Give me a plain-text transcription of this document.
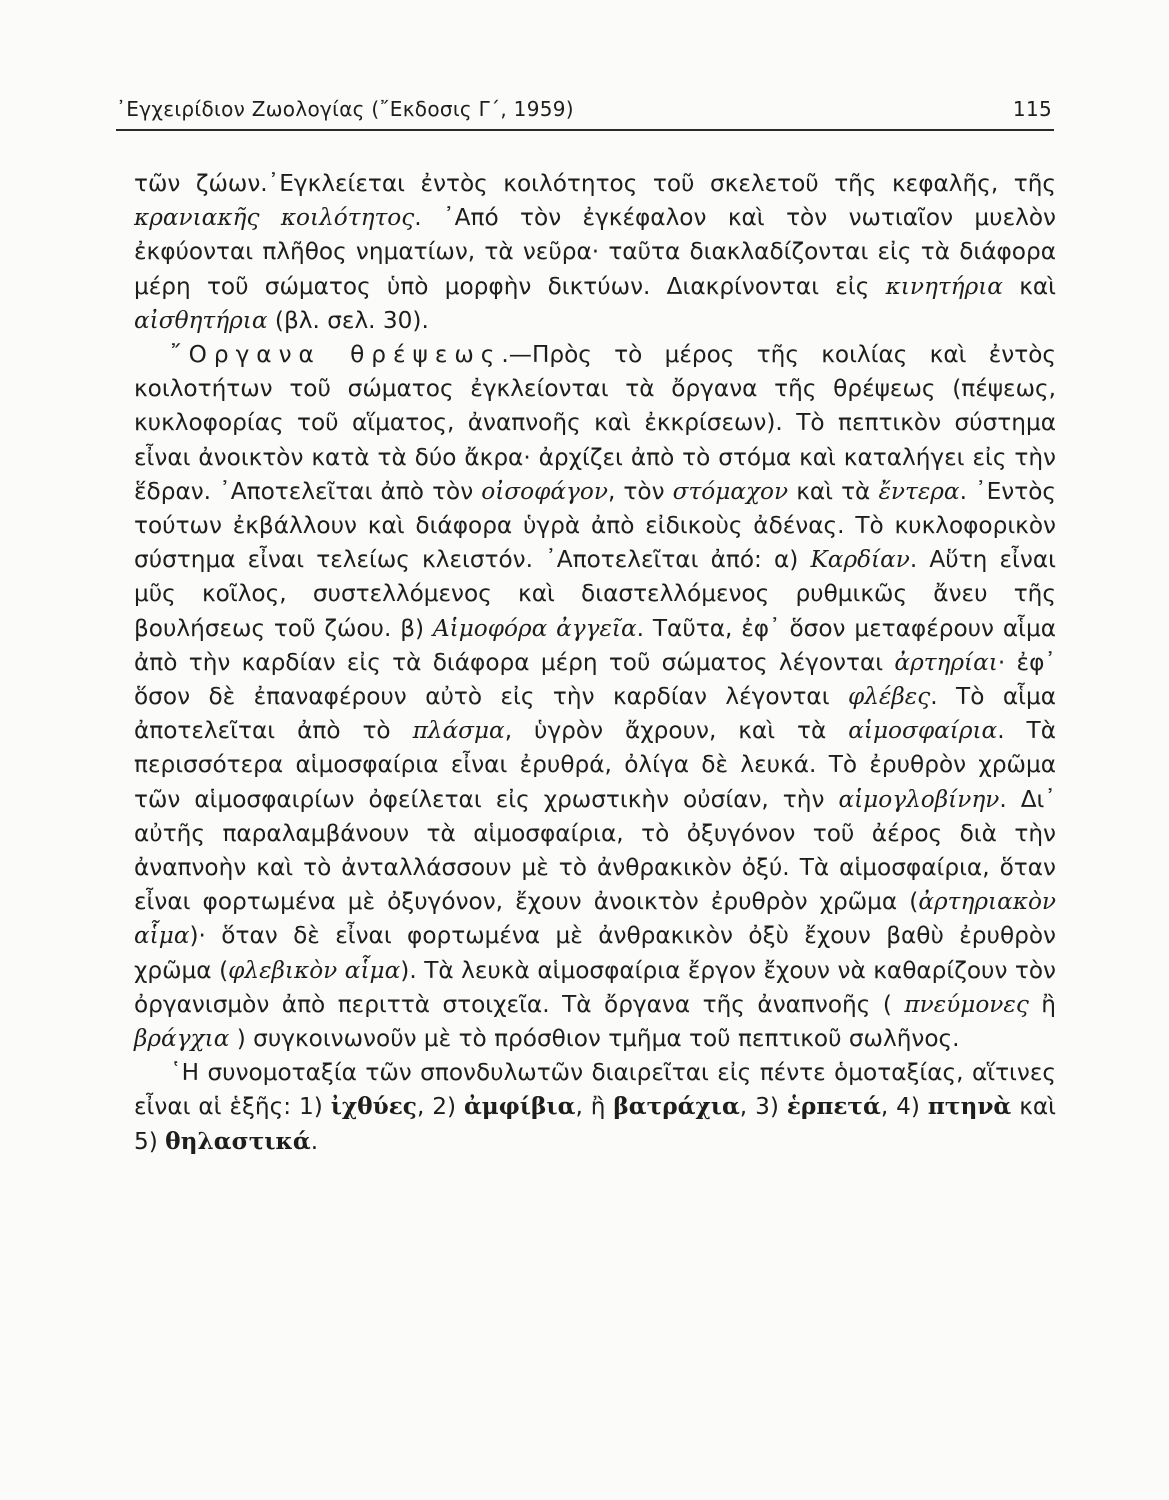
᾿Εγχειρίδιον Ζωολογίας (῎Εκδοσις Γ΄, 1959)	115

τῶν ζώων.᾿Εγκλείεται ἐντὸς κοιλότητος τοῦ σκελετοῦ τῆς κεφαλῆς, τῆς κρανιακῆς κοιλότητος. ᾿Από τὸν ἐγκέφαλον καὶ τὸν νωτιαῖον μυελὸν ἐκφύονται πλῆθος νηματίων, τὰ νεῦρα· ταῦτα διακλαδίζονται εἰς τὰ διάφορα μέρη τοῦ σώματος ὑπὸ μορφὴν δικτύων. Διακρίνονται εἰς κινητήρια καὶ αἰσθητήρια (βλ. σελ. 30).

῎Οργανα θρέψεως.—Πρὸς τὸ μέρος τῆς κοιλίας καὶ ἐντὸς κοιλοτήτων τοῦ σώματος ἐγκλείονται τὰ ὄργανα τῆς θρέψεως (πέψεως, κυκλοφορίας τοῦ αἵματος, ἀναπνοῆς καὶ ἐκκρίσεων). Τὸ πεπτικὸν σύστημα εἶναι ἀνοικτὸν κατὰ τὰ δύο ἄκρα· ἀρχίζει ἀπὸ τὸ στόμα καὶ καταλήγει εἰς τὴν ἕδραν. ᾿Αποτελεῖται ἀπὸ τὸν οἰσοφάγον, τὸν στόμαχον καὶ τὰ ἔντερα. ᾿Εντὸς τούτων ἐκβάλλουν καὶ διάφορα ὑγρὰ ἀπὸ εἰδικοὺς ἀδένας. Τὸ κυκλοφορικὸν σύστημα εἶναι τελείως κλειστόν. ᾿Αποτελεῖται ἀπό: α) Καρδίαν. Αὕτη εἶναι μῦς κοῖλος, συστελλόμενος καὶ διαστελλόμενος ρυθμικῶς ἄνευ τῆς βουλήσεως τοῦ ζώου. β) Αἱμοφόρα ἀγγεῖα. Ταῦτα, ἐφ᾿ ὅσον μεταφέρουν αἷμα ἀπὸ τὴν καρδίαν εἰς τὰ διάφορα μέρη τοῦ σώματος λέγονται ἀρτηρίαι· ἐφ᾿ ὅσον δὲ ἐπαναφέρουν αὐτὸ εἰς τὴν καρδίαν λέγονται φλέβες. Τὸ αἷμα ἀποτελεῖται ἀπὸ τὸ πλάσμα, ὑγρὸν ἄχρουν, καὶ τὰ αἱμοσφαίρια. Τὰ περισσότερα αἱμοσφαίρια εἶναι ἐρυθρά, ὀλίγα δὲ λευκά. Τὸ ἐρυθρὸν χρῶμα τῶν αἱμοσφαιρίων ὀφείλεται εἰς χρωστικὴν οὐσίαν, τὴν αἱμογλοβίνην. Δι᾿ αὐτῆς παραλαμβάνουν τὰ αἱμοσφαίρια, τὸ ὀξυγόνον τοῦ ἀέρος διὰ τὴν ἀναπνοὴν καὶ τὸ ἀνταλλάσσουν μὲ τὸ ἀνθρακικὸν ὀξύ. Τὰ αἱμοσφαίρια, ὅταν εἶναι φορτωμένα μὲ ὀξυγόνον, ἔχουν ἀνοικτὸν ἐρυθρὸν χρῶμα (ἀρτηριακὸν αἷμα)· ὅταν δὲ εἶναι φορτωμένα μὲ ἀνθρακικὸν ὀξὺ ἔχουν βαθὺ ἐρυθρὸν χρῶμα (φλεβικὸν αἷμα). Τὰ λευκὰ αἱμοσφαίρια ἔργον ἔχουν νὰ καθαρίζουν τὸν ὀργανισμὸν ἀπὸ περιττὰ στοιχεῖα. Τὰ ὄργανα τῆς ἀναπνοῆς ( πνεύμονες ἢ βράγχια ) συγκοινωνοῦν μὲ τὸ πρόσθιον τμῆμα τοῦ πεπτικοῦ σωλῆνος.

῾Η συνομοταξία τῶν σπονδυλωτῶν διαιρεῖται εἰς πέντε ὁμοταξίας, αἵτινες εἶναι αἱ ἑξῆς: 1) ἰχθύες, 2) ἀμφίβια, ἢ βατράχια, 3) ἑρπετά, 4) πτηνὰ καὶ 5) θηλαστικά.
